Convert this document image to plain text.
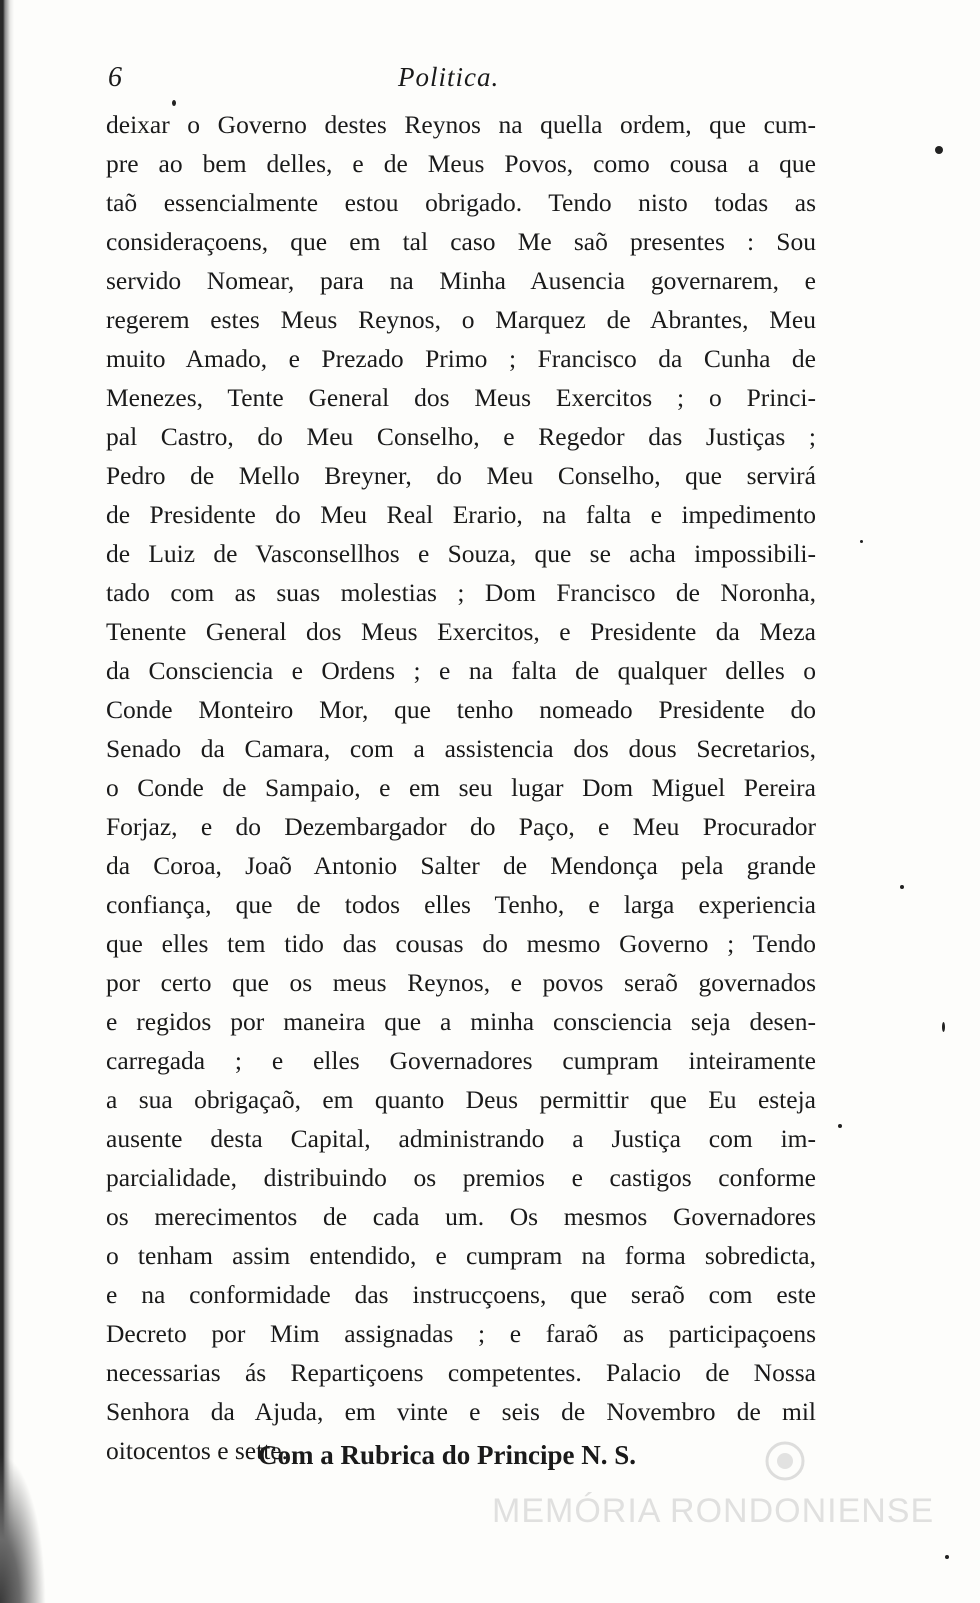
6	Politica.
deixar o Governo destes Reynos na quella ordem, que cum-
pre ao bem delles, e de Meus Povos, como cousa a que
taõ essencialmente estou obrigado. Tendo nisto todas as
consideraçoens, que em tal caso Me saõ presentes : Sou
servido Nomear, para na Minha Ausencia governarem, e
regerem estes Meus Reynos, o Marquez de Abrantes, Meu
muito Amado, e Prezado Primo ; Francisco da Cunha de
Menezes, Tente General dos Meus Exercitos ; o Princi-
pal Castro, do Meu Conselho, e Regedor das Justiças ;
Pedro de Mello Breyner, do Meu Conselho, que servirá
de Presidente do Meu Real Erario, na falta e impedimento
de Luiz de Vasconsellhos e Souza, que se acha impossibili-
tado com as suas molestias ; Dom Francisco de Noronha,
Tenente General dos Meus Exercitos, e Presidente da Meza
da Consciencia e Ordens ; e na falta de qualquer delles o
Conde Monteiro Mor, que tenho nomeado Presidente do
Senado da Camara, com a assistencia dos dous Secretarios,
o Conde de Sampaio, e em seu lugar Dom Miguel Pereira
Forjaz, e do Dezembargador do Paço, e Meu Procurador
da Coroa, Joaõ Antonio Salter de Mendonça pela grande
confiança, que de todos elles Tenho, e larga experiencia
que elles tem tido das cousas do mesmo Governo ; Tendo
por certo que os meus Reynos, e povos seraõ governados
e regidos por maneira que a minha consciencia seja desen-
carregada ; e elles Governadores cumpram inteiramente
a sua obrigaçaõ, em quanto Deus permittir que Eu esteja
ausente desta Capital, administrando a Justiça com im-
parcialidade, distribuindo os premios e castigos conforme
os merecimentos de cada um. Os mesmos Governadores
o tenham assim entendido, e cumpram na forma sobredicta,
e na conformidade das instrucçoens, que seraõ com este
Decreto por Mim assignadas ; e faraõ as participaçoens
necessarias ás Repartiçoens competentes. Palacio de Nossa
Senhora da Ajuda, em vinte e seis de Novembro de mil
oitocentos e sette.
Com a Rubrica do Principe N. S.
MEMÓRIA RONDONIENSE
